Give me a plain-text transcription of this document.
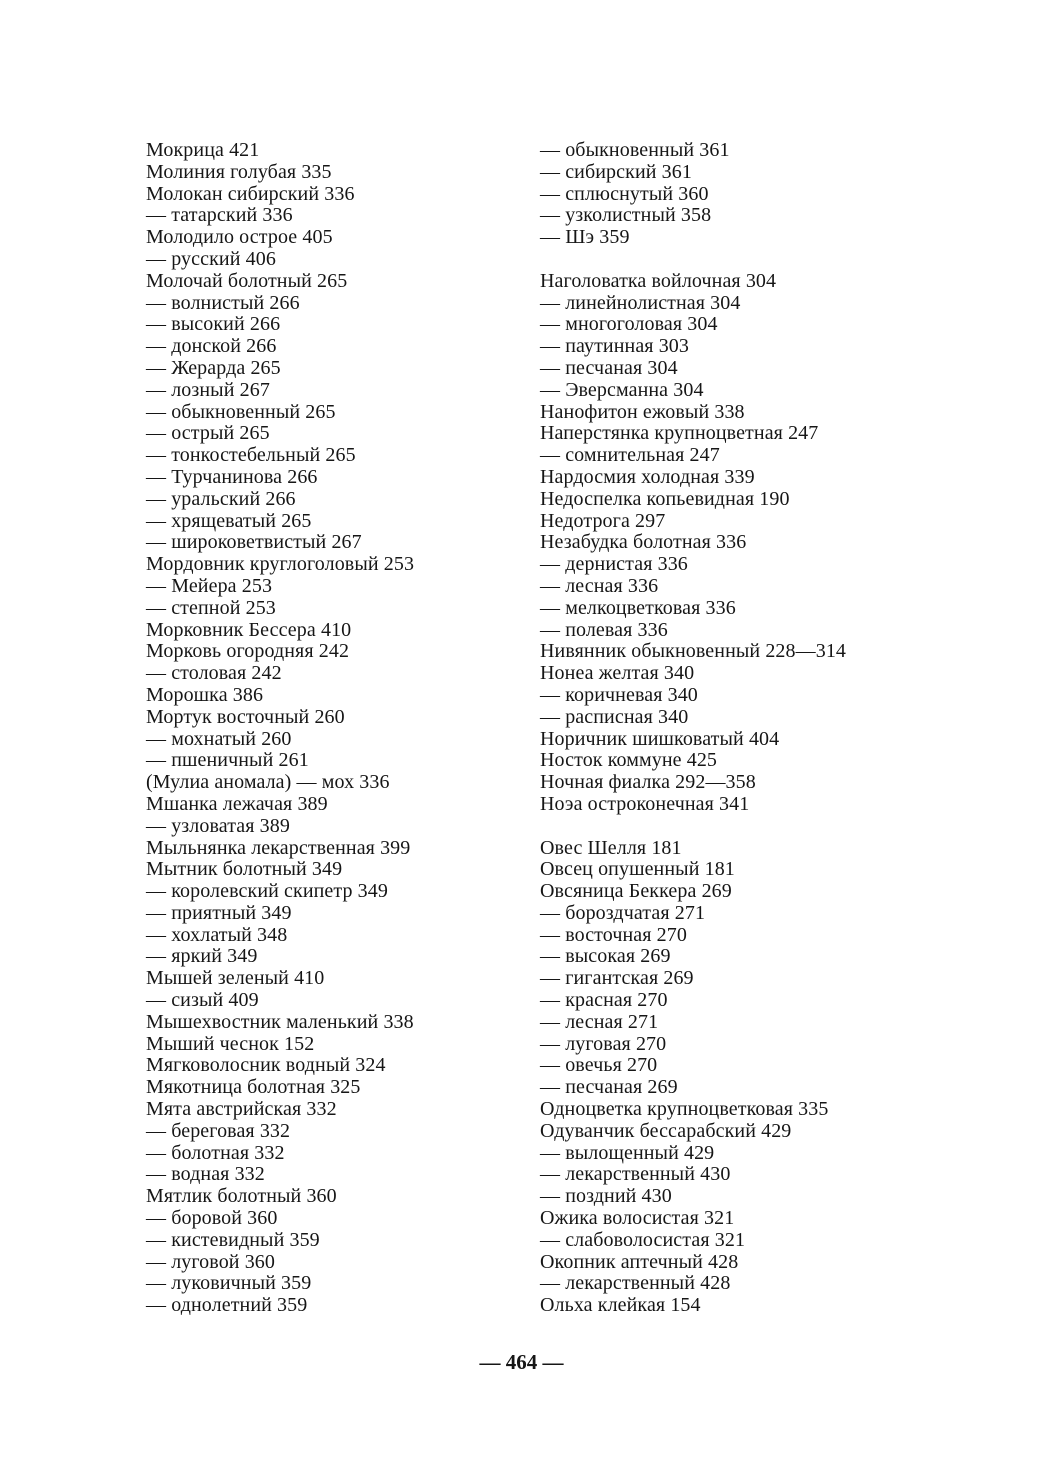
Мокрица 421
Молиния голубая 335
Молокан сибирский 336
— татарский 336
Молодило острое 405
— русский 406
Молочай болотный 265
— волнистый 266
— высокий 266
— донской 266
— Жерарда 265
— лозный 267
— обыкновенный 265
— острый 265
— тонкостебельный 265
— Турчанинова 266
— уральский 266
— хрящеватый 265
— широковетвистый 267
Мордовник круглоголовый 253
— Мейера 253
— степной 253
Морковник Бессера 410
Морковь огородняя 242
— столовая 242
Морошка 386
Мортук восточный 260
— мохнатый 260
— пшеничный 261
(Мулиа аномала) — мох 336
Мшанка лежачая 389
— узловатая 389
Мыльнянка лекарственная 399
Мытник болотный 349
— королевский скипетр 349
— приятный 349
— хохлатый 348
— яркий 349
Мышей зеленый 410
— сизый 409
Мышехвостник маленький 338
Мыший чеснок 152
Мягковолосник водный 324
Мякотница болотная 325
Мята австрийская 332
— береговая 332
— болотная 332
— водная 332
Мятлик болотный 360
— боровой 360
— кистевидный 359
— луговой 360
— луковичный 359
— однолетний 359
— обыкновенный 361
— сибирский 361
— сплюснутый 360
— узколистный 358
— Шэ 359
Наголоватка войлочная 304
— линейнолистная 304
— многоголовая 304
— паутинная 303
— песчаная 304
— Эверсманна 304
Нанофитон ежовый 338
Наперстянка крупноцветная 247
— сомнительная 247
Нардосмия холодная 339
Недоспелка копьевидная 190
Недотрога 297
Незабудка болотная 336
— дернистая 336
— лесная 336
— мелкоцветковая 336
— полевая 336
Нивянник обыкновенный 228—314
Нонеа желтая 340
— коричневая 340
— расписная 340
Норичник шишковатый 404
Носток коммуне 425
Ночная фиалка 292—358
Ноэа остроконечная 341
Овес Шелля 181
Овсец опушенный 181
Овсяница Беккера 269
— бороздчатая 271
— восточная 270
— высокая 269
— гигантская 269
— красная 270
— лесная 271
— луговая 270
— овечья 270
— песчаная 269
Одноцветка крупноцветковая 335
Одуванчик бессарабский 429
— вылощенный 429
— лекарственный 430
— поздний 430
Ожика волосистая 321
— слабоволосистая 321
Окопник аптечный 428
— лекарственный 428
Ольха клейкая 154
— 464 —
